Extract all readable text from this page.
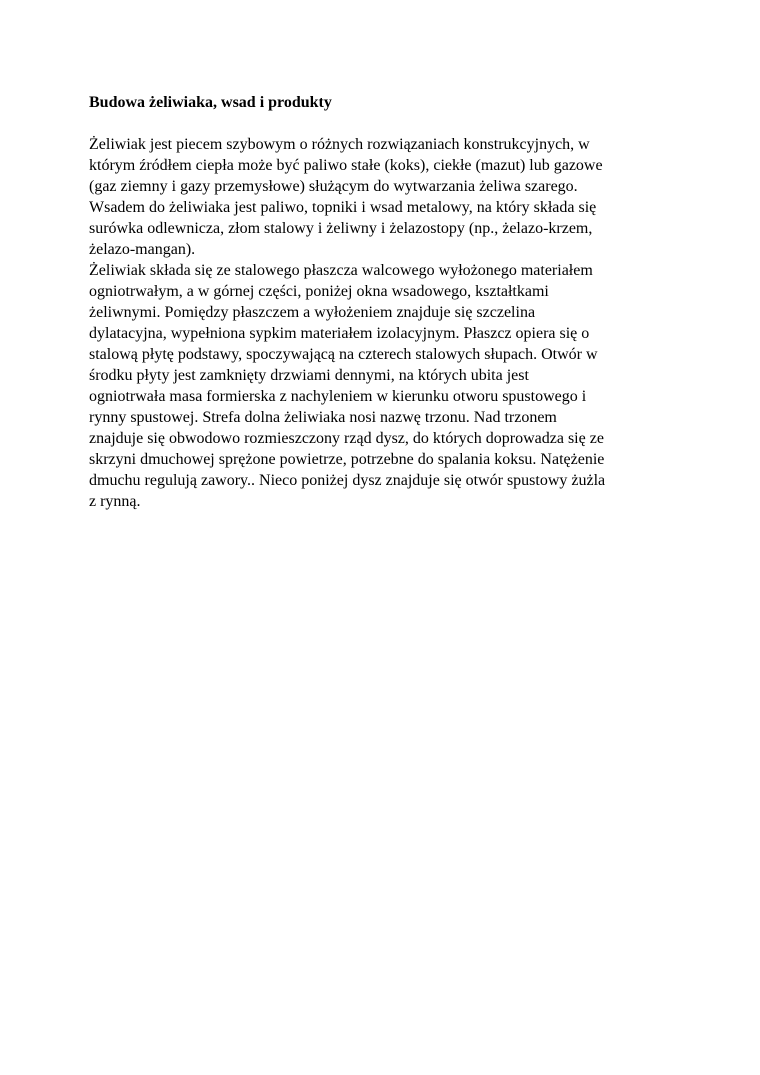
Budowa żeliwiaka, wsad i produkty
Żeliwiak jest piecem szybowym o różnych rozwiązaniach konstrukcyjnych, w
którym źródłem ciepła może być paliwo stałe (koks), ciekłe (mazut) lub gazowe
(gaz ziemny i gazy przemysłowe) służącym do wytwarzania żeliwa szarego.
Wsadem do żeliwiaka jest paliwo, topniki i wsad metalowy, na który składa się
surówka odlewnicza, złom stalowy i żeliwny i żelazostopy (np., żelazo-krzem,
żelazo-mangan).
Żeliwiak składa się ze stalowego płaszcza walcowego wyłożonego materiałem
ogniotrwałym, a w górnej części, poniżej okna wsadowego, kształtkami
żeliwnymi. Pomiędzy płaszczem a wyłożeniem znajduje się szczelina
dylatacyjna, wypełniona sypkim materiałem izolacyjnym. Płaszcz opiera się o
stalową płytę podstawy, spoczywającą na czterech stalowych słupach. Otwór w
środku płyty jest zamknięty drzwiami dennymi, na których ubita jest
ogniotrwała masa formierska z nachyleniem w kierunku otworu spustowego i
rynny spustowej. Strefa dolna żeliwiaka nosi nazwę trzonu. Nad trzonem
znajduje się obwodowo rozmieszczony rząd dysz, do których doprowadza się ze
skrzyni dmuchowej sprężone powietrze, potrzebne do spalania koksu. Natężenie
dmuchu regulują zawory.. Nieco poniżej dysz znajduje się otwór spustowy żużla
z rynną.
